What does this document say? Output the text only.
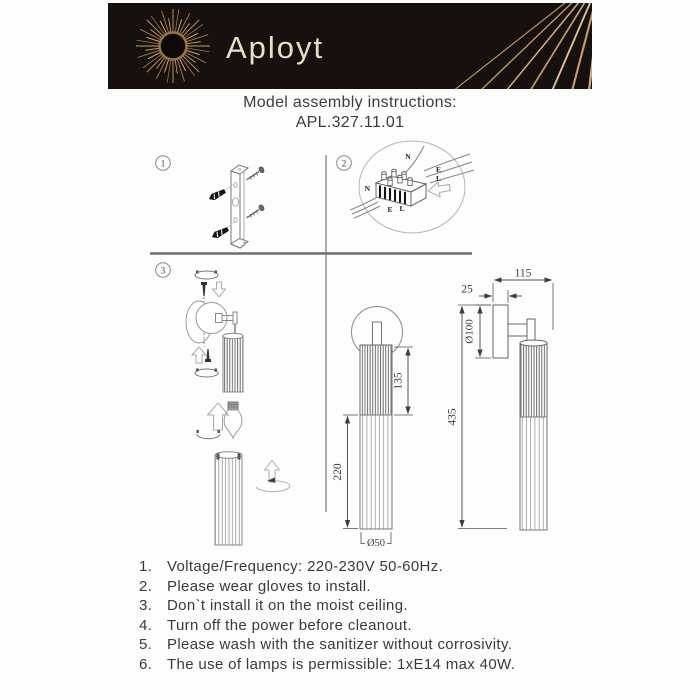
Aployt
Model assembly instructions:
APL.327.11.01
1	2
N
E
L
N
E L
3
135
220
Ø50
115
25
Ø100
435
1. Voltage/Frequency: 220-230V 50-60Hz.
2. Please wear gloves to install.
3. Don`t install it on the moist ceiling.
4. Turn off the power before cleanout.
5. Please wash with the sanitizer without corrosivity.
6. The use of lamps is permissible: 1xE14 max 40W.
